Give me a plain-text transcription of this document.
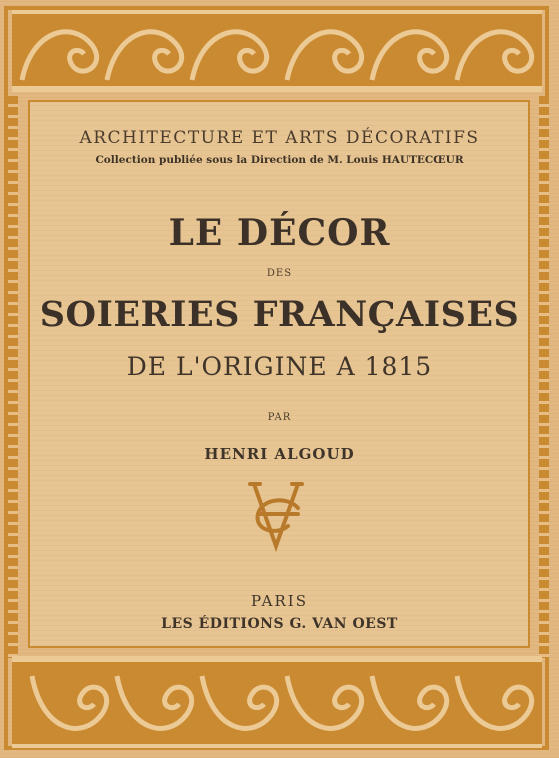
ARCHITECTURE ET ARTS DÉCORATIFS
Collection publiée sous la Direction de M. Louis HAUTECŒUR
LE DÉCOR
DES
SOIERIES FRANÇAISES
DE L'ORIGINE A 1815
PAR
HENRI ALGOUD
PARIS
LES ÉDITIONS G. VAN OEST
